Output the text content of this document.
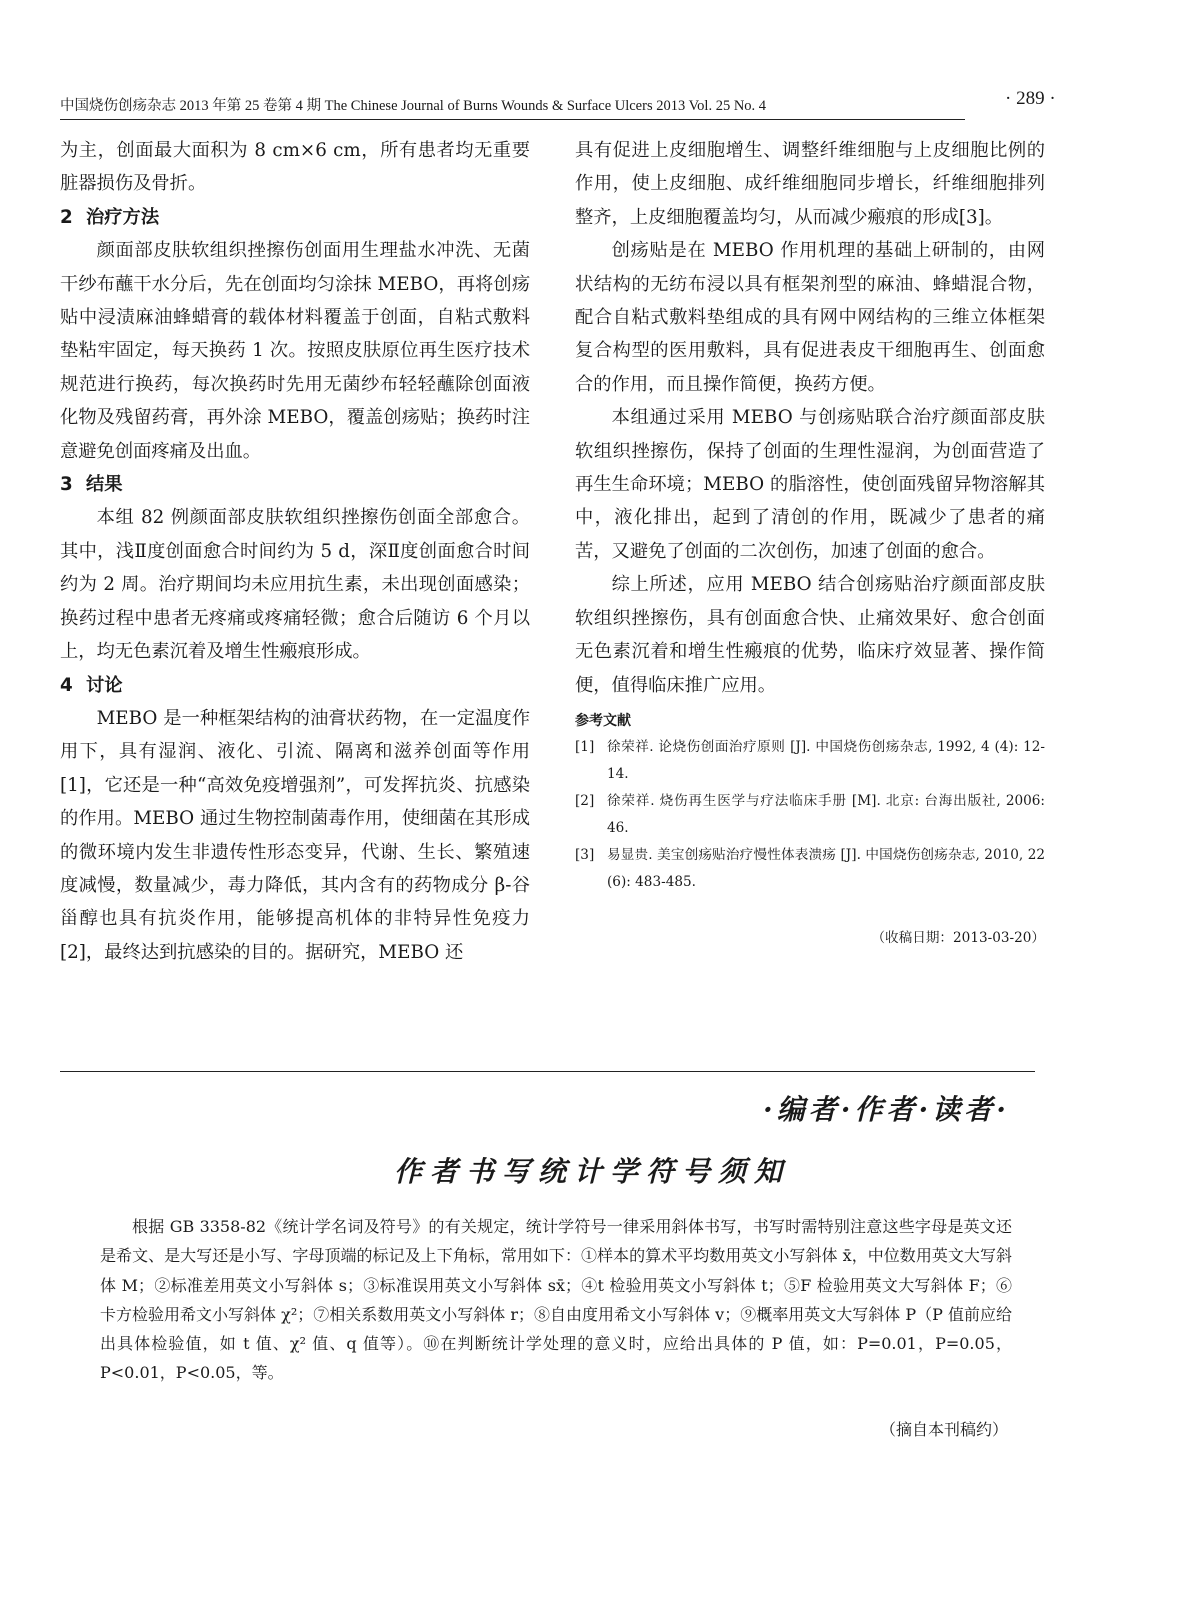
中国烧伤创疡杂志 2013 年第 25 卷第 4 期 The Chinese Journal of Burns Wounds & Surface Ulcers 2013 Vol. 25 No. 4	· 289 ·

为主，创面最大面积为 8 cm×6 cm，所有患者均无重要脏器损伤及骨折。

2 治疗方法

颜面部皮肤软组织挫擦伤创面用生理盐水冲洗、无菌干纱布蘸干水分后，先在创面均匀涂抹 MEBO，再将创疡贴中浸渍麻油蜂蜡膏的载体材料覆盖于创面，自粘式敷料垫粘牢固定，每天换药 1 次。按照皮肤原位再生医疗技术规范进行换药，每次换药时先用无菌纱布轻轻蘸除创面液化物及残留药膏，再外涂 MEBO，覆盖创疡贴；换药时注意避免创面疼痛及出血。

3 结果

本组 82 例颜面部皮肤软组织挫擦伤创面全部愈合。其中，浅Ⅱ度创面愈合时间约为 5 d，深Ⅱ度创面愈合时间约为 2 周。治疗期间均未应用抗生素，未出现创面感染；换药过程中患者无疼痛或疼痛轻微；愈合后随访 6 个月以上，均无色素沉着及增生性瘢痕形成。

4 讨论

MEBO 是一种框架结构的油膏状药物，在一定温度作用下，具有湿润、液化、引流、隔离和滋养创面等作用[1]，它还是一种“高效免疫增强剂”，可发挥抗炎、抗感染的作用。MEBO 通过生物控制菌毒作用，使细菌在其形成的微环境内发生非遗传性形态变异，代谢、生长、繁殖速度减慢，数量减少，毒力降低，其内含有的药物成分 β-谷甾醇也具有抗炎作用，能够提高机体的非特异性免疫力[2]，最终达到抗感染的目的。据研究，MEBO 还

具有促进上皮细胞增生、调整纤维细胞与上皮细胞比例的作用，使上皮细胞、成纤维细胞同步增长，纤维细胞排列整齐，上皮细胞覆盖均匀，从而减少瘢痕的形成[3]。

创疡贴是在 MEBO 作用机理的基础上研制的，由网状结构的无纺布浸以具有框架剂型的麻油、蜂蜡混合物，配合自粘式敷料垫组成的具有网中网结构的三维立体框架复合构型的医用敷料，具有促进表皮干细胞再生、创面愈合的作用，而且操作简便，换药方便。

本组通过采用 MEBO 与创疡贴联合治疗颜面部皮肤软组织挫擦伤，保持了创面的生理性湿润，为创面营造了再生生命环境；MEBO 的脂溶性，使创面残留异物溶解其中，液化排出，起到了清创的作用，既减少了患者的痛苦，又避免了创面的二次创伤，加速了创面的愈合。

综上所述，应用 MEBO 结合创疡贴治疗颜面部皮肤软组织挫擦伤，具有创面愈合快、止痛效果好、愈合创面无色素沉着和增生性瘢痕的优势，临床疗效显著、操作简便，值得临床推广应用。

参考文献
[1] 徐荣祥. 论烧伤创面治疗原则 [J]. 中国烧伤创疡杂志, 1992, 4 (4): 12-14.
[2] 徐荣祥. 烧伤再生医学与疗法临床手册 [M]. 北京: 台海出版社, 2006: 46.
[3] 易显贵. 美宝创疡贴治疗慢性体表溃疡 [J]. 中国烧伤创疡杂志, 2010, 22 (6): 483-485.
（收稿日期：2013-03-20）
·编者·作者·读者·
作者书写统计学符号须知
根据 GB 3358-82《统计学名词及符号》的有关规定，统计学符号一律采用斜体书写，书写时需特别注意这些字母是英文还是希文、是大写还是小写、字母顶端的标记及上下角标，常用如下：①样本的算术平均数用英文小写斜体 x̄，中位数用英文大写斜体 M；②标准差用英文小写斜体 s；③标准误用英文小写斜体 sx̄；④t 检验用英文小写斜体 t；⑤F 检验用英文大写斜体 F；⑥卡方检验用希文小写斜体 χ²；⑦相关系数用英文小写斜体 r；⑧自由度用希文小写斜体 v；⑨概率用英文大写斜体 P（P 值前应给出具体检验值，如 t 值、χ² 值、q 值等）。⑩在判断统计学处理的意义时，应给出具体的 P 值，如：P=0.01，P=0.05，P<0.01，P<0.05，等。
（摘自本刊稿约）
